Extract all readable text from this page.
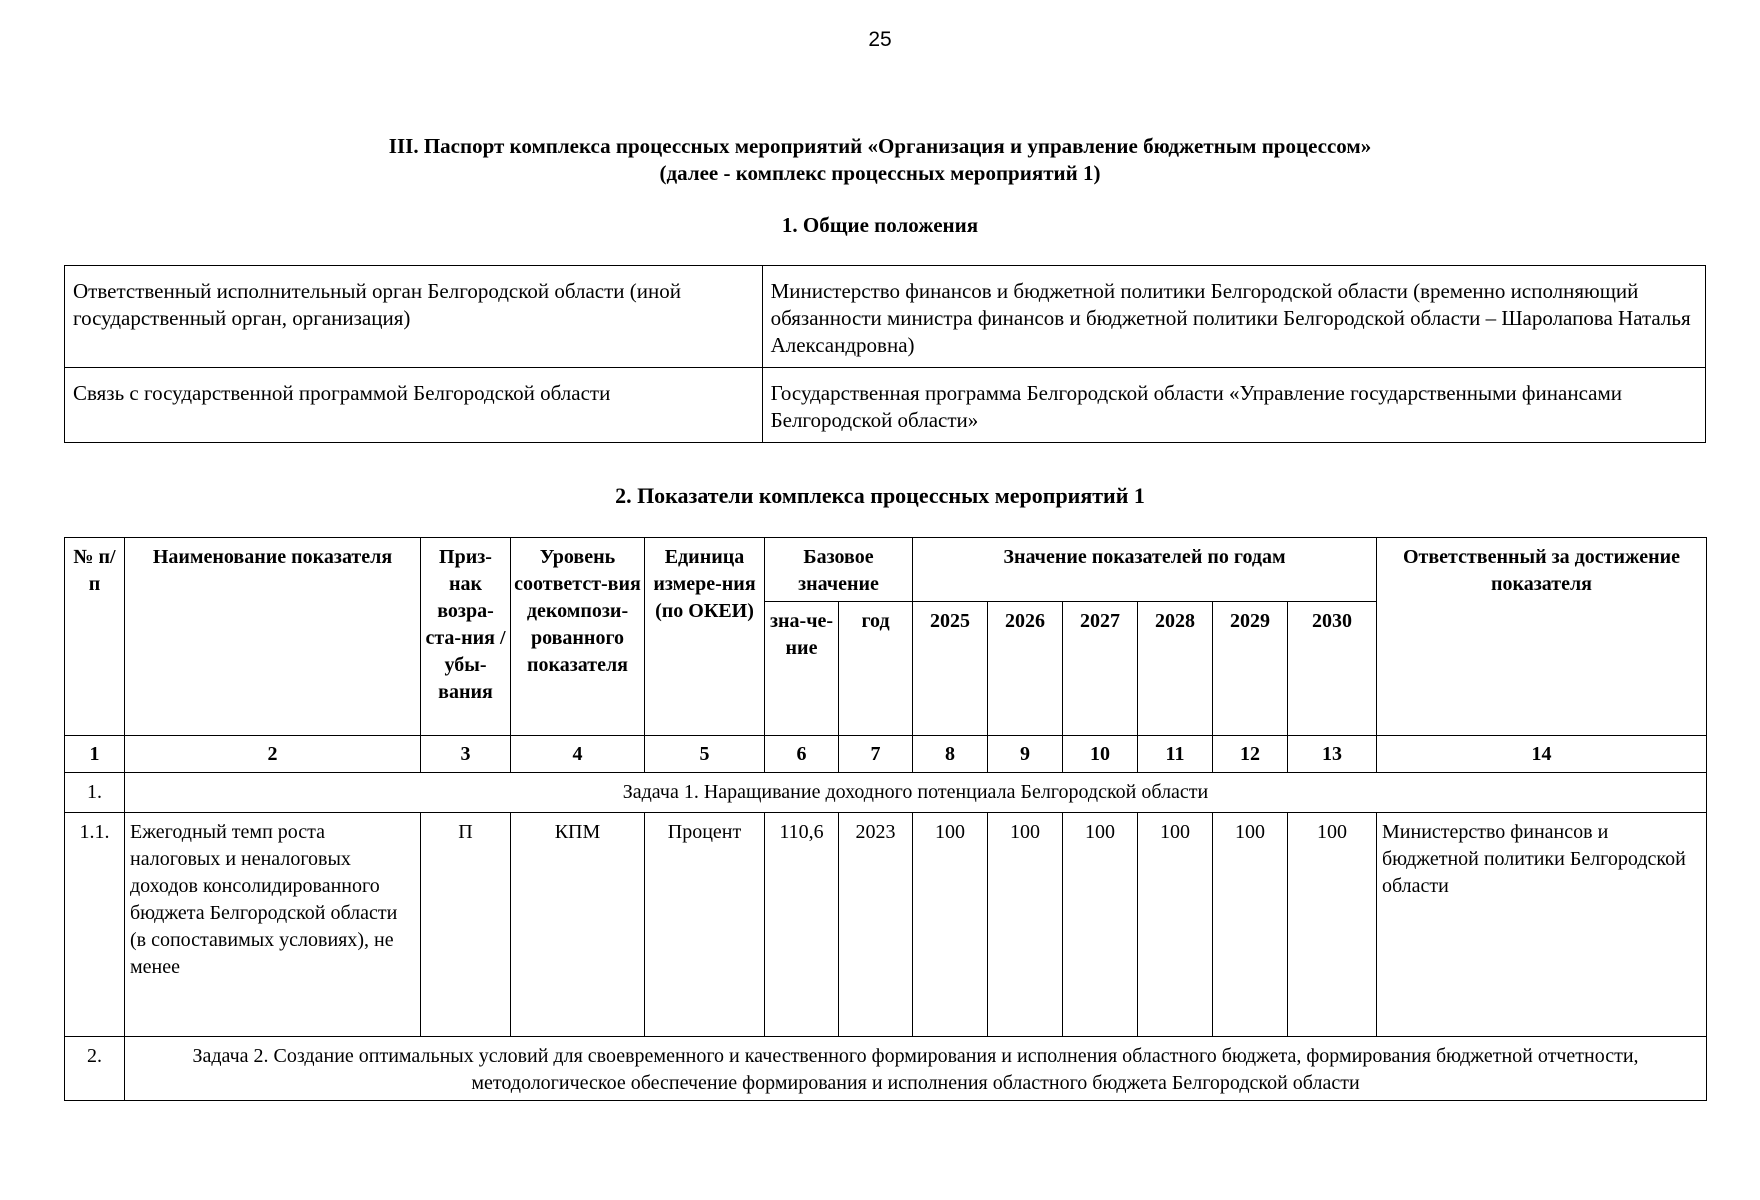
25
III. Паспорт комплекса процессных мероприятий «Организация и управление бюджетным процессом»
(далее - комплекс процессных мероприятий 1)
1. Общие положения
Ответственный исполнительный орган Белгородской области (иной государственный орган, организация)	Министерство финансов и бюджетной политики Белгородской области (временно исполняющий обязанности министра финансов и бюджетной политики Белгородской области – Шаролапова Наталья Александровна)
Связь с государственной программой Белгородской области	Государственная программа Белгородской области «Управление государственными финансами Белгородской области»
2. Показатели комплекса процессных мероприятий 1
№ п/п	Наименование показателя	Приз-нак возра-ста-ния / убы-вания	Уровень соответст-вия декомпози-рованного показателя	Единица измере-ния (по ОКЕИ)	Базовое значение		Значение показателей по годам						Ответственный за достижение показателя
					зна-че-ние	год	2025	2026	2027	2028	2029	2030	
1	2	3	4	5	6	7	8	9	10	11	12	13	14
1.	Задача 1. Наращивание доходного потенциала Белгородской области												
1.1.	Ежегодный темп роста налоговых и неналоговых доходов консолидированного бюджета Белгородской области (в сопоставимых условиях), не менее	П	КПМ	Процент	110,6	2023	100	100	100	100	100	100	Министерство финансов и бюджетной политики Белгородской области
2.	Задача 2. Создание оптимальных условий для своевременного и качественного формирования и исполнения областного бюджета, формирования бюджетной отчетности, методологическое обеспечение формирования и исполнения областного бюджета Белгородской области												
